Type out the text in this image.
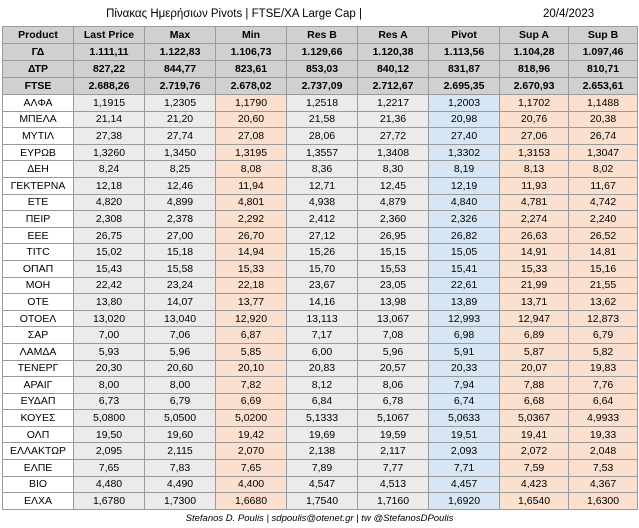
Πίνακας Ημερήσιων Pivots | FTSE/XA Large Cap |							20/4/2023	
Product	Last Price	Max	Min	Res B	Res A	Pivot	Sup A	Sup B
ΓΔ	1.111,11	1.122,83	1.106,73	1.129,66	1.120,38	1.113,56	1.104,28	1.097,46
ΔΤΡ	827,22	844,77	823,61	853,03	840,12	831,87	818,96	810,71
FTSE	2.688,26	2.719,76	2.678,02	2.737,09	2.712,67	2.695,35	2.670,93	2.653,61
ΑΛΦΑ	1,1915	1,2305	1,1790	1,2518	1,2217	1,2003	1,1702	1,1488
ΜΠΕΛΑ	21,14	21,20	20,60	21,58	21,36	20,98	20,76	20,38
ΜΥΤΙΛ	27,38	27,74	27,08	28,06	27,72	27,40	27,06	26,74
ΕΥΡΩΒ	1,3260	1,3450	1,3195	1,3557	1,3408	1,3302	1,3153	1,3047
ΔΕΗ	8,24	8,25	8,08	8,36	8,30	8,19	8,13	8,02
ΓΕΚΤΕΡΝΑ	12,18	12,46	11,94	12,71	12,45	12,19	11,93	11,67
ΕΤΕ	4,820	4,899	4,801	4,938	4,879	4,840	4,781	4,742
ΠΕΙΡ	2,308	2,378	2,292	2,412	2,360	2,326	2,274	2,240
ΕΕΕ	26,75	27,00	26,70	27,12	26,95	26,82	26,63	26,52
ΤΙΤC	15,02	15,18	14,94	15,26	15,15	15,05	14,91	14,81
ΟΠΑΠ	15,43	15,58	15,33	15,70	15,53	15,41	15,33	15,16
ΜΟΗ	22,42	23,24	22,18	23,67	23,05	22,61	21,99	21,55
ΟΤΕ	13,80	14,07	13,77	14,16	13,98	13,89	13,71	13,62
ΟΤΟΕΛ	13,020	13,040	12,920	13,113	13,067	12,993	12,947	12,873
ΣΑΡ	7,00	7,06	6,87	7,17	7,08	6,98	6,89	6,79
ΛΑΜΔΑ	5,93	5,96	5,85	6,00	5,96	5,91	5,87	5,82
ΤΕΝΕΡΓ	20,30	20,60	20,10	20,83	20,57	20,33	20,07	19,83
ΑΡΑΙΓ	8,00	8,00	7,82	8,12	8,06	7,94	7,88	7,76
ΕΥΔΑΠ	6,73	6,79	6,69	6,84	6,78	6,74	6,68	6,64
ΚΟΥΕΣ	5,0800	5,0500	5,0200	5,1333	5,1067	5,0633	5,0367	4,9933
ΟΛΠ	19,50	19,60	19,42	19,69	19,59	19,51	19,41	19,33
ΕΛΛΑΚΤΩΡ	2,095	2,115	2,070	2,138	2,117	2,093	2,072	2,048
ΕΛΠΕ	7,65	7,83	7,65	7,89	7,77	7,71	7,59	7,53
ΒΙΟ	4,480	4,490	4,400	4,547	4,513	4,457	4,423	4,367
ΕΛΧΑ	1,6780	1,7300	1,6680	1,7540	1,7160	1,6920	1,6540	1,6300
Stefanos D. Poulis | sdpoulis@otenet.gr | tw @StefanosDPoulis
